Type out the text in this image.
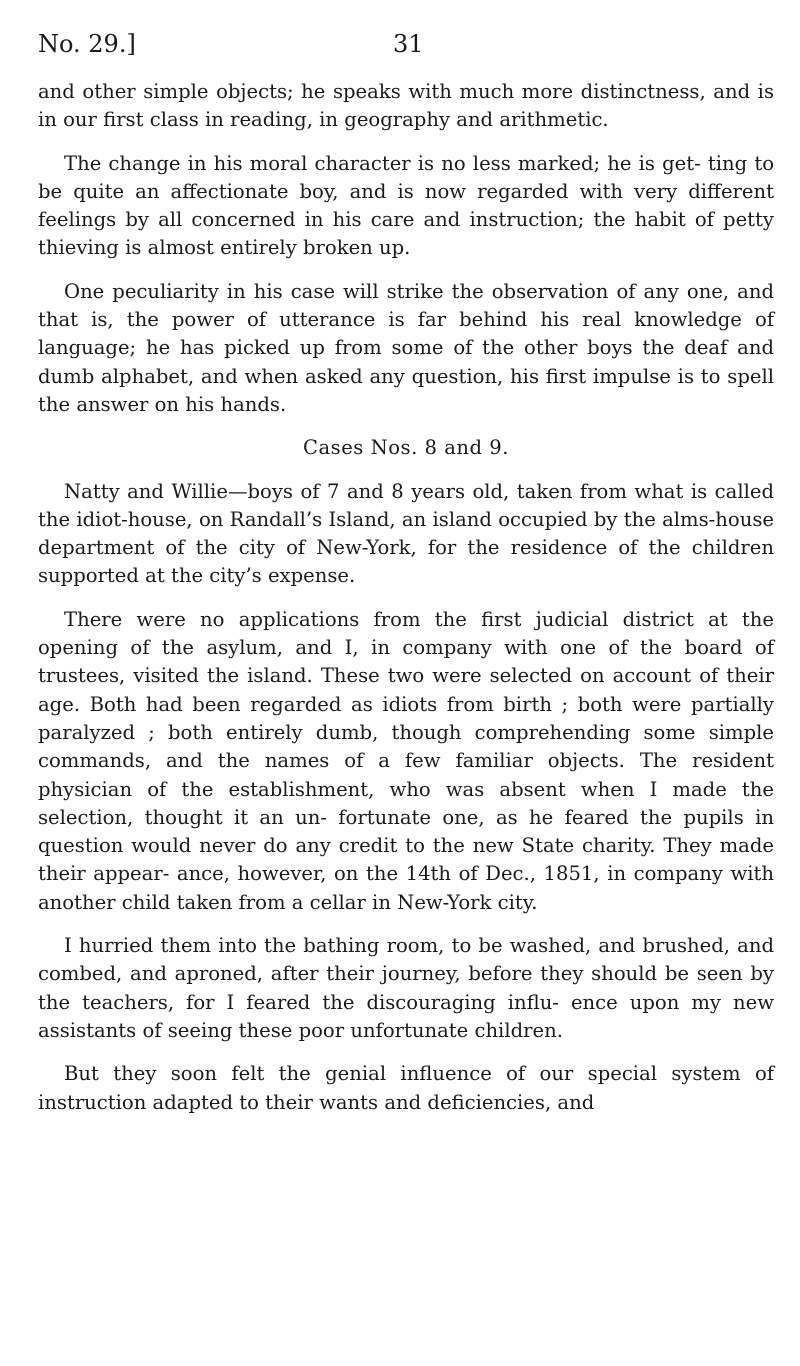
No. 29.]	31

and other simple objects; he speaks with much more distinctness, and is in our first class in reading, in geography and arithmetic.

The change in his moral character is no less marked; he is get- ting to be quite an affectionate boy, and is now regarded with very different feelings by all concerned in his care and instruction; the habit of petty thieving is almost entirely broken up.

One peculiarity in his case will strike the observation of any one, and that is, the power of utterance is far behind his real knowledge of language; he has picked up from some of the other boys the deaf and dumb alphabet, and when asked any question, his first impulse is to spell the answer on his hands.

Cases Nos. 8 and 9.

Natty and Willie—boys of 7 and 8 years old, taken from what is called the idiot-house, on Randall’s Island, an island occupied by the alms-house department of the city of New-York, for the residence of the children supported at the city’s expense.

There were no applications from the first judicial district at the opening of the asylum, and I, in company with one of the board of trustees, visited the island. These two were selected on account of their age. Both had been regarded as idiots from birth ; both were partially paralyzed ; both entirely dumb, though comprehending some simple commands, and the names of a few familiar objects. The resident physician of the establishment, who was absent when I made the selection, thought it an un- fortunate one, as he feared the pupils in question would never do any credit to the new State charity. They made their appear- ance, however, on the 14th of Dec., 1851, in company with another child taken from a cellar in New-York city.

I hurried them into the bathing room, to be washed, and brushed, and combed, and aproned, after their journey, before they should be seen by the teachers, for I feared the discouraging influ- ence upon my new assistants of seeing these poor unfortunate children.

But they soon felt the genial influence of our special system of instruction adapted to their wants and deficiencies, and
